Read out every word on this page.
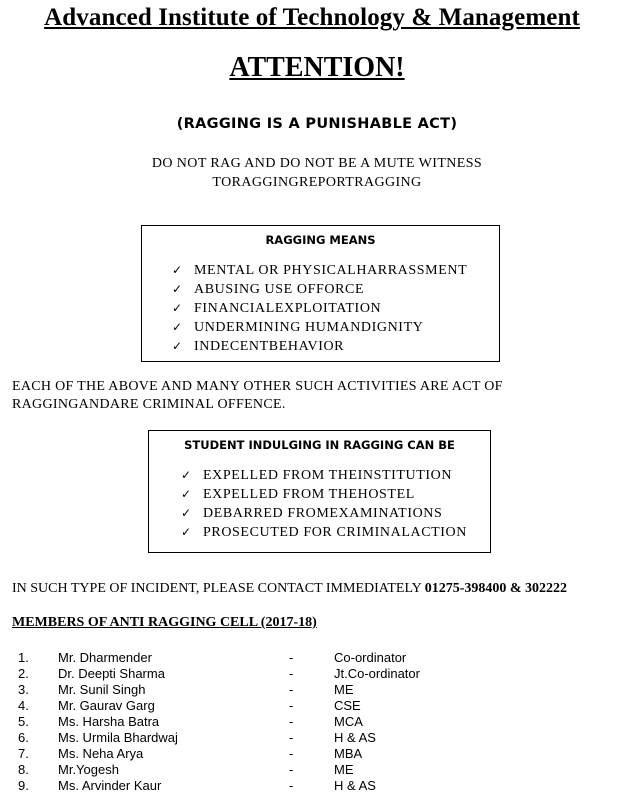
Advanced Institute of Technology & Management
ATTENTION!
(RAGGING IS A PUNISHABLE ACT)
DO NOT RAG AND DO NOT BE A MUTE WITNESS
TORAGGINGREPORTRAGGING
RAGGING MEANS
✓ MENTAL OR PHYSICALHARRASSMENT
✓ ABUSING USE OFFORCE
✓ FINANCIALEXPLOITATION
✓ UNDERMINING HUMANDIGNITY
✓ INDECENTBEHAVIOR
EACH OF THE ABOVE AND MANY OTHER SUCH ACTIVITIES ARE ACT OF
RAGGINGANDARE CRIMINAL OFFENCE.
STUDENT INDULGING IN RAGGING CAN BE
✓ EXPELLED FROM THEINSTITUTION
✓ EXPELLED FROM THEHOSTEL
✓ DEBARRED FROMEXAMINATIONS
✓ PROSECUTED FOR CRIMINALACTION
IN SUCH TYPE OF INCIDENT, PLEASE CONTACT IMMEDIATELY 01275-398400 & 302222
MEMBERS OF ANTI RAGGING CELL (2017-18)
1. Mr. Dharmender	-	Co-ordinator
2. Dr. Deepti Sharma	-	Jt.Co-ordinator
3. Mr. Sunil Singh	-	ME
4. Mr. Gaurav Garg	-	CSE
5. Ms. Harsha Batra	-	MCA
6. Ms. Urmila Bhardwaj	-	H & AS
7. Ms. Neha Arya	-	MBA
8. Mr.Yogesh	-	ME
9. Ms. Arvinder Kaur	-	H & AS
